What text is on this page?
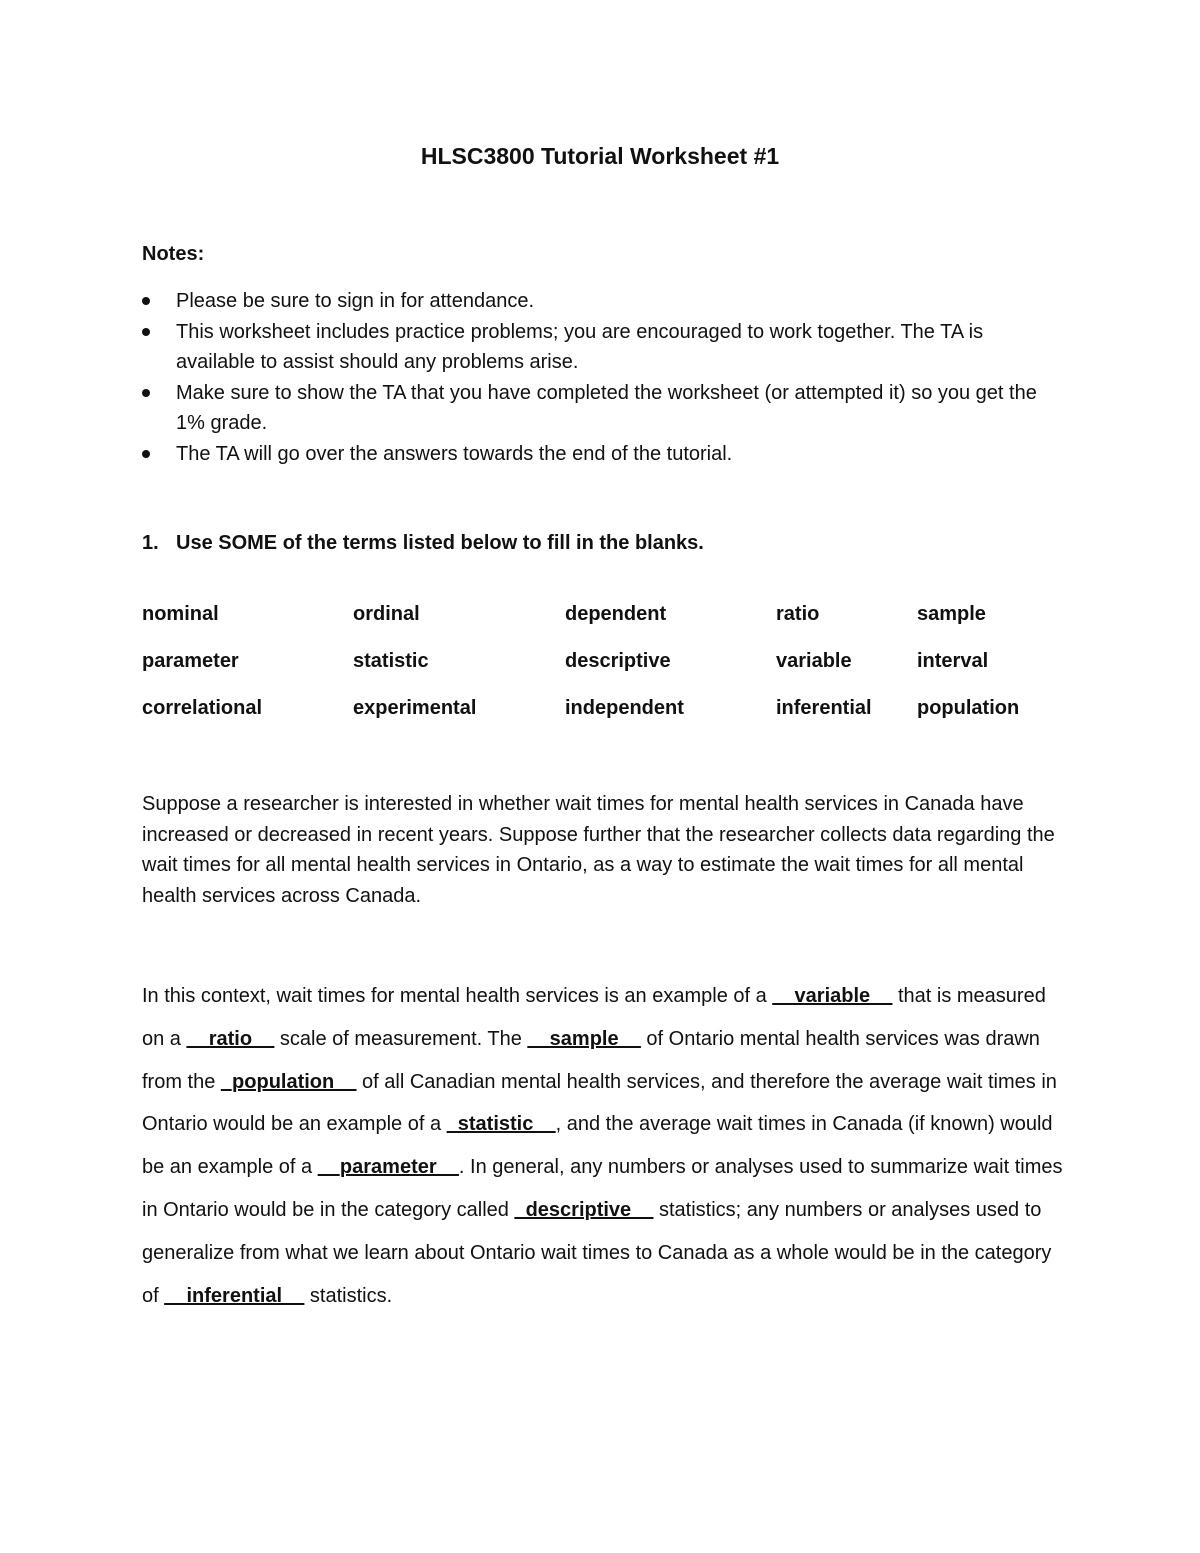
HLSC3800 Tutorial Worksheet #1
Notes:
Please be sure to sign in for attendance.
This worksheet includes practice problems; you are encouraged to work together. The TA is available to assist should any problems arise.
Make sure to show the TA that you have completed the worksheet (or attempted it) so you get the 1% grade.
The TA will go over the answers towards the end of the tutorial.
1. Use SOME of the terms listed below to fill in the blanks.
nominal	ordinal	dependent	ratio	sample
parameter	statistic	descriptive	variable	interval
correlational	experimental	independent	inferential population

Suppose a researcher is interested in whether wait times for mental health services in Canada have increased or decreased in recent years. Suppose further that the researcher collects data regarding the wait times for all mental health services in Ontario, as a way to estimate the wait times for all mental health services across Canada.

In this context, wait times for mental health services is an example of a __variable__ that is measured on a __ratio__ scale of measurement. The __sample__ of Ontario mental health services was drawn from the _population__ of all Canadian mental health services, and therefore the average wait times in Ontario would be an example of a _statistic__, and the average wait times in Canada (if known) would be an example of a __parameter__. In general, any numbers or analyses used to summarize wait times in Ontario would be in the category called _descriptive__ statistics; any numbers or analyses used to generalize from what we learn about Ontario wait times to Canada as a whole would be in the category of __inferential__ statistics.
